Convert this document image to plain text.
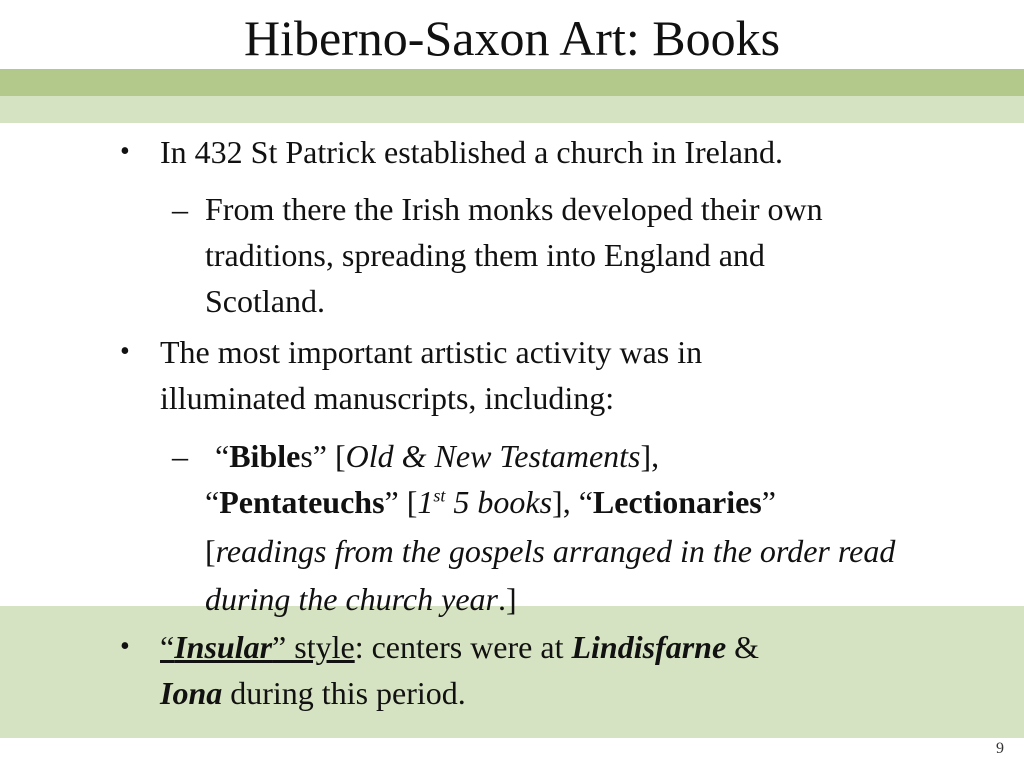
Hiberno-Saxon Art: Books
• In 432 St Patrick established a church in Ireland.
– From there the Irish monks developed their own
traditions, spreading them into England and
Scotland.
• The most important artistic activity was in
illuminated manuscripts, including:
– “Bibles” [Old & New Testaments],
“Pentateuchs” [1st 5 books], “Lectionaries”
[readings from the gospels arranged in the order read
during the church year.]
• “Insular” style: centers were at Lindisfarne &
Iona during this period.
9
